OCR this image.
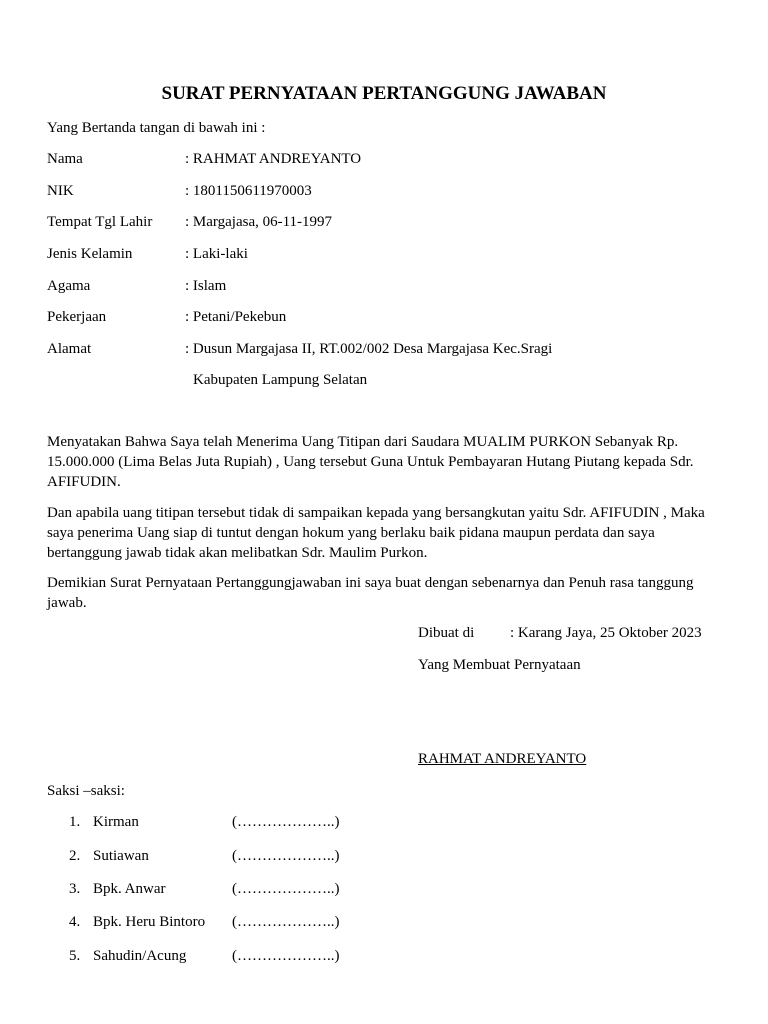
SURAT PERNYATAAN PERTANGGUNG JAWABAN
Yang Bertanda tangan di bawah ini :
Nama	: RAHMAT ANDREYANTO
NIK	: 1801150611970003
Tempat Tgl Lahir : Margajasa, 06-11-1997
Jenis Kelamin	: Laki-laki
Agama	: Islam
Pekerjaan	: Petani/Pekebun
Alamat	: Dusun Margajasa II, RT.002/002 Desa Margajasa Kec.Sragi
Kabupaten Lampung Selatan
Menyatakan Bahwa Saya telah Menerima Uang Titipan dari Saudara MUALIM PURKON Sebanyak Rp. 15.000.000 (Lima Belas Juta Rupiah) , Uang tersebut Guna Untuk Pembayaran Hutang Piutang kepada Sdr. AFIFUDIN.
Dan apabila uang titipan tersebut tidak di sampaikan kepada yang bersangkutan yaitu Sdr. AFIFUDIN , Maka saya penerima Uang siap di tuntut dengan hokum yang berlaku baik pidana maupun perdata dan saya bertanggung jawab tidak akan melibatkan Sdr. Maulim Purkon.
Demikian Surat Pernyataan Pertanggungjawaban ini saya buat dengan sebenarnya dan Penuh rasa tanggung jawab.
Dibuat di : Karang Jaya, 25 Oktober 2023
Yang Membuat Pernyataan
RAHMAT ANDREYANTO
Saksi –saksi:
1. Kirman	(………………..)
2. Sutiawan	(………………..)
3. Bpk. Anwar	(………………..)
4. Bpk. Heru Bintoro (………………..)
5. Sahudin/Acung	(………………..)
